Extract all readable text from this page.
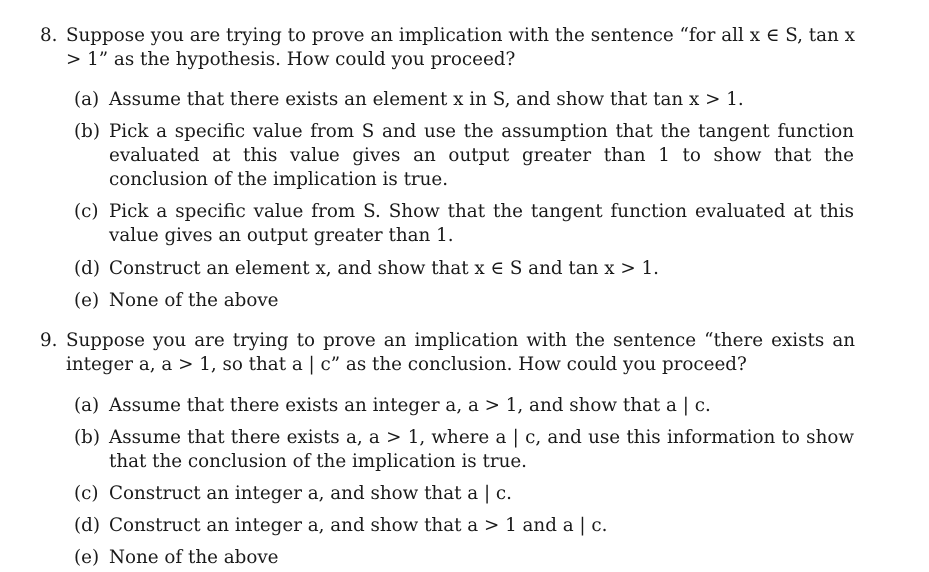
8. Suppose you are trying to prove an implication with the sentence “for all x ∈ S, tan x > 1” as the hypothesis. How could you proceed?
(a) Assume that there exists an element x in S, and show that tan x > 1.
(b) Pick a specific value from S and use the assumption that the tangent function evaluated at this value gives an output greater than 1 to show that the conclusion of the implication is true.
(c) Pick a specific value from S. Show that the tangent function evaluated at this value gives an output greater than 1.
(d) Construct an element x, and show that x ∈ S and tan x > 1.
(e) None of the above
9. Suppose you are trying to prove an implication with the sentence “there exists an integer a, a > 1, so that a | c” as the conclusion. How could you proceed?
(a) Assume that there exists an integer a, a > 1, and show that a | c.
(b) Assume that there exists a, a > 1, where a | c, and use this information to show that the conclusion of the implication is true.
(c) Construct an integer a, and show that a | c.
(d) Construct an integer a, and show that a > 1 and a | c.
(e) None of the above
